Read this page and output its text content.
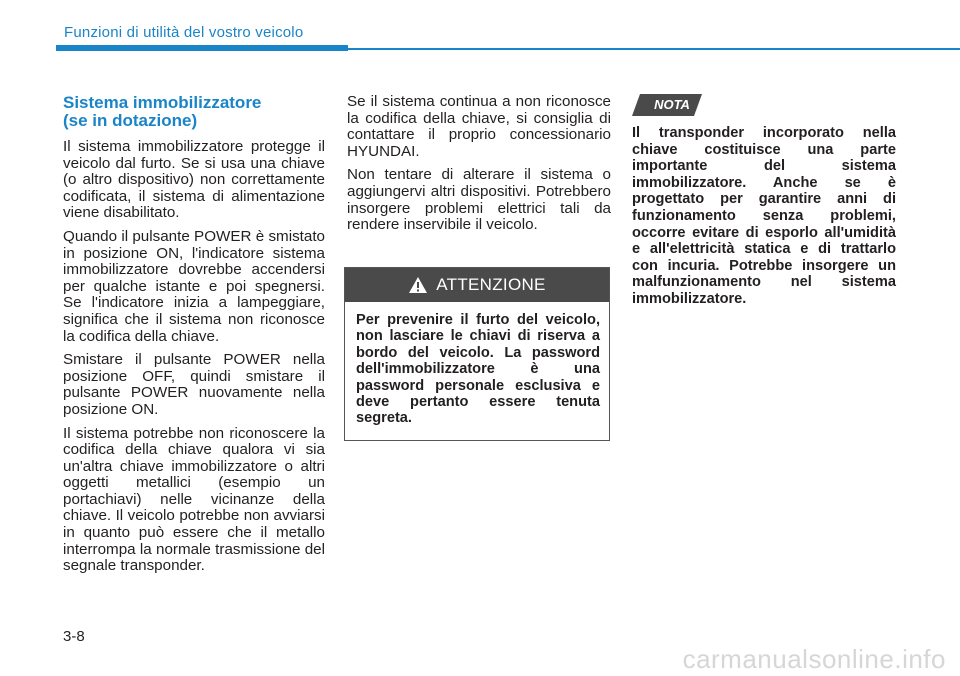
Funzioni di utilità del vostro veicolo
Sistema immobilizzatore
(se in dotazione)

Il sistema immobilizzatore protegge il veicolo dal furto. Se si usa una chiave (o altro dispositivo) non correttamente codificata, il sistema di alimentazione viene disabilitato.

Quando il pulsante POWER è smistato in posizione ON, l'indicatore sistema immobilizzatore dovrebbe accendersi per qualche istante e poi spegnersi. Se l'indicatore inizia a lampeggiare, significa che il sistema non riconosce la codifica della chiave.

Smistare il pulsante POWER nella posizione OFF, quindi smistare il pulsante POWER nuovamente nella posizione ON.

Il sistema potrebbe non riconoscere la codifica della chiave qualora vi sia un'altra chiave immobilizzatore o altri oggetti metallici (esempio un portachiavi) nelle vicinanze della chiave. Il veicolo potrebbe non avviarsi in quanto può essere che il metallo interrompa la normale trasmissione del segnale transponder.

Se il sistema continua a non riconosce la codifica della chiave, si consiglia di contattare il proprio concessionario HYUNDAI.

Non tentare di alterare il sistema o aggiungervi altri dispositivi. Potrebbero insorgere problemi elettrici tali da rendere inservibile il veicolo.

ATTENZIONE
Per prevenire il furto del veicolo, non lasciare le chiavi di riserva a bordo del veicolo. La password dell'immobilizzatore è una password personale esclusiva e deve pertanto essere tenuta segreta.
NOTA
Il transponder incorporato nella chiave costituisce una parte importante del sistema immobilizzatore. Anche se è progettato per garantire anni di funzionamento senza problemi, occorre evitare di esporlo all'umidità e all'elettricità statica e di trattarlo con incuria. Potrebbe insorgere un malfunzionamento nel sistema immobilizzatore.
3-8
carmanualsonline.info
